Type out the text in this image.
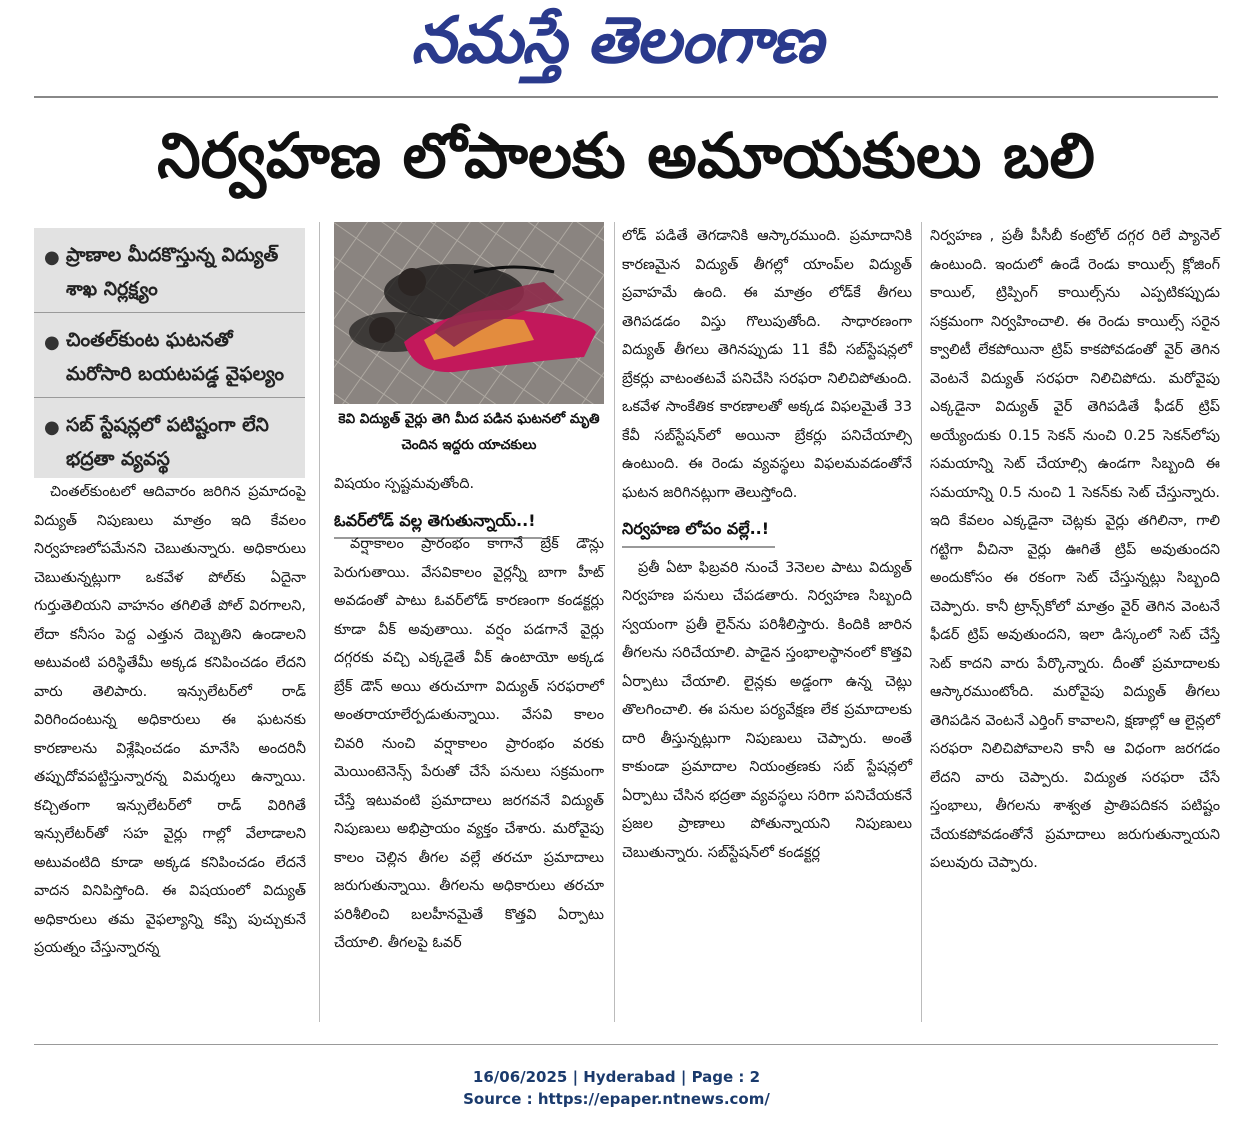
నమస్తే తెలంగాణ
నిర్వహణ లోపాలకు అమాయకులు బలి
● ప్రాణాల మీదకొస్తున్న విద్యుత్ శాఖ నిర్లక్ష్యం
● చింతల్‌కుంట ఘటనతో మరోసారి బయటపడ్డ వైఫల్యం
● సబ్ స్టేషన్లలో పటిష్టంగా లేని భద్రతా వ్యవస్థ
కెవి విద్యుత్ వైర్లు తెగి మీద పడిన ఘటనలో మృతి చెందిన ఇద్దరు యాచకులు

చింతల్‌కుంటలో ఆదివారం జరిగిన ప్రమాదంపై విద్యుత్ నిపుణులు మాత్రం ఇది కేవలం నిర్వహణలోపమేనని చెబుతున్నారు. అధికారులు చెబుతున్నట్లుగా ఒకవేళ పోల్‌కు ఏదైనా గుర్తుతెలియని వాహనం తగిలితే పోల్ విరగాలని, లేదా కనీసం పెద్ద ఎత్తున దెబ్బతిని ఉండాలని అటువంటి పరిస్థితేమీ అక్కడ కనిపించడం లేదని వారు తెలిపారు. ఇన్సులేటర్‌లో రాడ్ విరిగిందంటున్న అధికారులు ఈ ఘటనకు కారణాలను విశ్లేషించడం మానేసి అందరినీ తప్పుదోవపట్టిస్తున్నారన్న విమర్శలు ఉన్నాయి. కచ్చితంగా ఇన్సులేటర్‌లో రాడ్ విరిగితే ఇన్సులేటర్‌తో సహ వైర్లు గాల్లో వేలాడాలని అటువంటిది కూడా అక్కడ కనిపించడం లేదనే వాదన వినిపిస్తోంది. ఈ విషయంలో విద్యుత్ అధికారులు తమ వైఫల్యాన్ని కప్పి పుచ్చుకునే ప్రయత్నం చేస్తున్నారన్న

విషయం స్పష్టమవుతోంది.

ఓవర్‌లోడ్ వల్ల తెగుతున్నాయ్..!

వర్షాకాలం ప్రారంభం కాగానే బ్రేక్ డౌన్లు పెరుగుతాయి. వేసవికాలం వైర్లన్నీ బాగా హీట్ అవడంతో పాటు ఓవర్‌లోడ్ కారణంగా కండక్టర్లు కూడా వీక్ అవుతాయి. వర్షం పడగానే వైర్లు దగ్గరకు వచ్చి ఎక్కడైతే వీక్ ఉంటాయో అక్కడ బ్రేక్ డౌన్ అయి తరుచూగా విద్యుత్ సరఫరాలో అంతరాయాలేర్పడుతున్నాయి. వేసవి కాలం చివరి నుంచి వర్షాకాలం ప్రారంభం వరకు మెయింటెనెన్స్ పేరుతో చేసే పనులు సక్రమంగా చేస్తే ఇటువంటి ప్రమాదాలు జరగవనే విద్యుత్ నిపుణులు అభిప్రాయం వ్యక్తం చేశారు. మరోవైపు కాలం చెల్లిన తీగల వల్లే తరచూ ప్రమాదాలు జరుగుతున్నాయి. తీగలను అధికారులు తరచూ పరిశీలించి బలహీనమైతే కొత్తవి ఏర్పాటు చేయాలి. తీగలపై ఓవర్

లోడ్ పడితే తెగడానికి ఆస్కారముంది. ప్రమాదానికి కారణమైన విద్యుత్ తీగల్లో యాంప్‌ల విద్యుత్ ప్రవాహమే ఉంది. ఈ మాత్రం లోడ్‌కే తీగలు తెగిపడడం విస్తు గొలుపుతోంది. సాధారణంగా విద్యుత్ తీగలు తెగినప్పుడు 11 కేవీ సబ్‌స్టేషన్లలో బ్రేకర్లు వాటంతటవే పనిచేసి సరఫరా నిలిచిపోతుంది. ఒకవేళ సాంకేతిక కారణాలతో అక్కడ విఫలమైతే 33 కేవీ సబ్‌స్టేషన్‌లో అయినా బ్రేకర్లు పనిచేయాల్సి ఉంటుంది. ఈ రెండు వ్యవస్థలు విఫలమవడంతోనే ఘటన జరిగినట్లుగా తెలుస్తోంది.

నిర్వహణ లోపం వల్లే..!

ప్రతీ ఏటా ఫిబ్రవరి నుంచే 3నెలల పాటు విద్యుత్ నిర్వహణ పనులు చేపడతారు. నిర్వహణ సిబ్బంది స్వయంగా ప్రతీ లైన్‌ను పరిశీలిస్తారు. కిందికి జారిన తీగలను సరిచేయాలి. పాడైన స్తంభాలస్థానంలో కొత్తవి ఏర్పాటు చేయాలి. లైన్లకు అడ్డంగా ఉన్న చెట్లు తొలగించాలి. ఈ పనుల పర్యవేక్షణ లేక ప్రమాదాలకు దారి తీస్తున్నట్లుగా నిపుణులు చెప్పారు. అంతే కాకుండా ప్రమాదాల నియంత్రణకు సబ్ స్టేషన్లలో ఏర్పాటు చేసిన భద్రతా వ్యవస్థలు సరిగా పనిచేయకనే ప్రజల ప్రాణాలు పోతున్నాయని నిపుణులు చెబుతున్నారు. సబ్‌స్టేషన్‌లో కండక్టర్ల

నిర్వహణ , ప్రతీ పీసీబీ కంట్రోల్ దగ్గర రిలే ప్యానెల్ ఉంటుంది. ఇందులో ఉండే రెండు కాయిల్స్ క్లోజింగ్ కాయిల్, ట్రిప్పింగ్ కాయిల్స్‌ను ఎప్పటికప్పుడు సక్రమంగా నిర్వహించాలి. ఈ రెండు కాయిల్స్ సరైన క్వాలిటీ లేకపోయినా ట్రిప్ కాకపోవడంతో వైర్ తెగిన వెంటనే విద్యుత్ సరఫరా నిలిచిపోదు. మరోవైపు ఎక్కడైనా విద్యుత్ వైర్ తెగిపడితే ఫీడర్ ట్రిప్ అయ్యేందుకు 0.15 సెకన్ నుంచి 0.25 సెకన్‌లోపు సమయాన్ని సెట్ చేయాల్సి ఉండగా సిబ్బంది ఈ సమయాన్ని 0.5 నుంచి 1 సెకన్‌కు సెట్ చేస్తున్నారు. ఇది కేవలం ఎక్కడైనా చెట్లకు వైర్లు తగిలినా, గాలి గట్టిగా వీచినా వైర్లు ఊగితే ట్రిప్ అవుతుందని అందుకోసం ఈ రకంగా సెట్ చేస్తున్నట్లు సిబ్బంది చెప్పారు. కానీ ట్రాన్స్‌కోలో మాత్రం వైర్ తెగిన వెంటనే ఫీడర్ ట్రిప్ అవుతుందని, ఇలా డిస్కంలో సెట్ చేస్తే సెట్ కాదని వారు పేర్కొన్నారు. దీంతో ప్రమాదాలకు ఆస్కారముంటోంది. మరోవైపు విద్యుత్ తీగలు తెగిపడిన వెంటనే ఎర్తింగ్ కావాలని, క్షణాల్లో ఆ లైన్లలో సరఫరా నిలిచిపోవాలని కానీ ఆ విధంగా జరగడం లేదని వారు చెప్పారు. విద్యుత సరఫరా చేసే స్తంభాలు, తీగలను శాశ్వత ప్రాతిపదికన పటిష్టం చేయకపోవడంతోనే ప్రమాదాలు జరుగుతున్నాయని పలువురు చెప్పారు.

16/06/2025 | Hyderabad | Page : 2
Source : https://epaper.ntnews.com/
